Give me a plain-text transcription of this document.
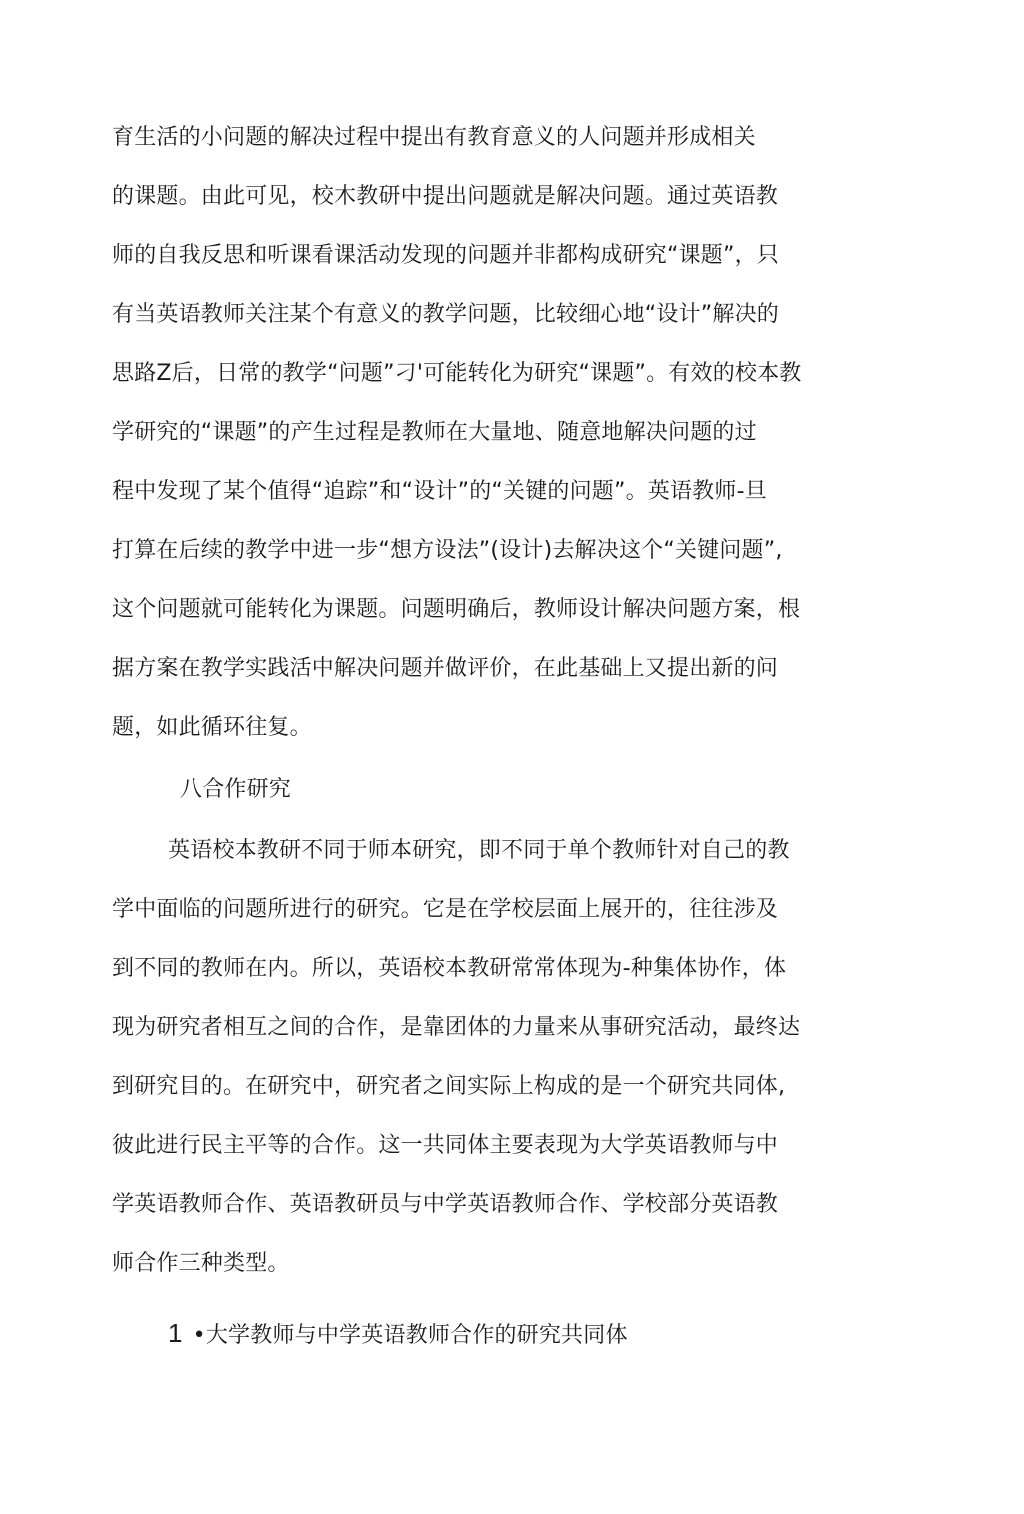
育生活的小问题的解决过程中提出有教育意义的人问题并形成相关
的课题。由此可见，校木教研中提出问题就是解决问题。通过英语教
师的自我反思和听课看课活动发现的问题并非都构成研究“课题”，只
有当英语教师关注某个有意义的教学问题，比较细心地“设计”解决的
思路Z后，日常的教学“问题”刁'可能转化为研究“课题”。有效的校本教
学研究的“课题”的产生过程是教师在大量地、随意地解决问题的过
程中发现了某个值得“追踪”和“设计”的“关键的问题”。英语教师-旦
打算在后续的教学中进一步“想方设法”(设计)去解决这个“关键问题”,
这个问题就可能转化为课题。问题明确后，教师设计解决问题方案，根
据方案在教学实践活中解决问题并做评价，在此基础上又提出新的问
题，如此循环往复。
八合作研究
英语校本教研不同于师本研究，即不同于单个教师针对自己的教
学中面临的问题所进行的研究。它是在学校层面上展开的，往往涉及
到不同的教师在内。所以，英语校本教研常常体现为-种集体协作，体
现为研究者相互之间的合作，是靠团体的力量来从事研究活动，最终达
到研究目的。在研究中，研究者之间实际上构成的是一个研究共同体,
彼此进行民主平等的合作。这一共同体主要表现为大学英语教师与中
学英语教师合作、英语教研员与中学英语教师合作、学校部分英语教
师合作三种类型。
1 •大学教师与中学英语教师合作的研究共同体
